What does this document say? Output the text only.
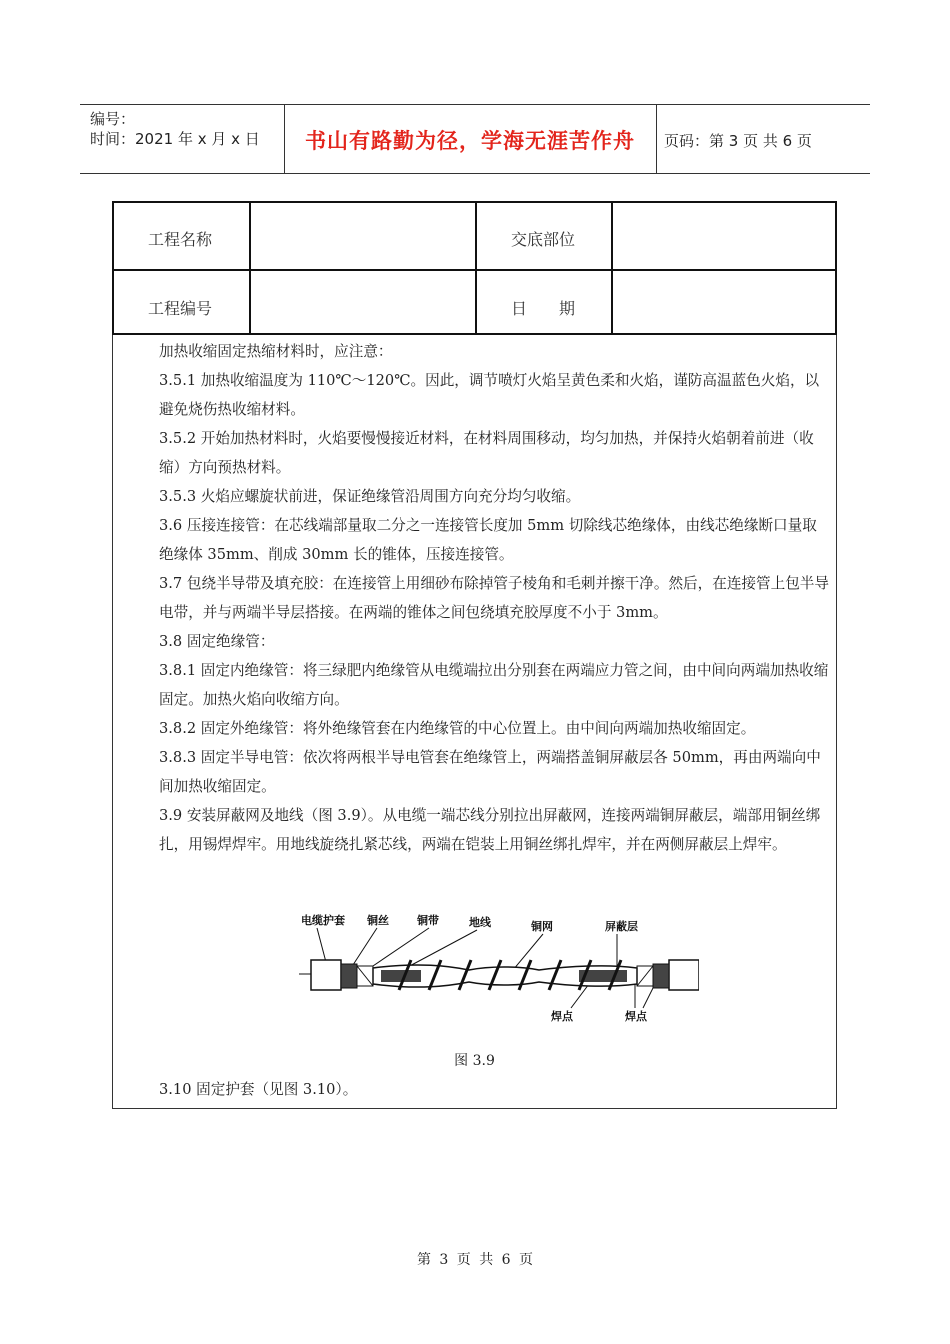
编号：
时间：2021 年 x 月 x 日	书山有路勤为径，学海无涯苦作舟	页码：第 3 页 共 6 页
工程名称	交底部位
工程编号	日　　期

加热收缩固定热缩材料时，应注意：

3.5.1 加热收缩温度为 110℃～120℃。因此，调节喷灯火焰呈黄色柔和火焰，谨防高温蓝色火焰，以避免烧伤热收缩材料。

3.5.2 开始加热材料时，火焰要慢慢接近材料，在材料周围移动，均匀加热，并保持火焰朝着前进（收缩）方向预热材料。

3.5.3 火焰应螺旋状前进，保证绝缘管沿周围方向充分均匀收缩。

3.6 压接连接管：在芯线端部量取二分之一连接管长度加 5mm 切除线芯绝缘体，由线芯绝缘断口量取绝缘体 35mm、削成 30mm 长的锥体，压接连接管。

3.7 包绕半导带及填充胶：在连接管上用细砂布除掉管子棱角和毛刺并擦干净。然后，在连接管上包半导电带，并与两端半导层搭接。在两端的锥体之间包绕填充胶厚度不小于 3mm。

3.8 固定绝缘管：

3.8.1 固定内绝缘管：将三绿肥内绝缘管从电缆端拉出分别套在两端应力管之间，由中间向两端加热收缩固定。加热火焰向收缩方向。

3.8.2 固定外绝缘管：将外绝缘管套在内绝缘管的中心位置上。由中间向两端加热收缩固定。

3.8.3 固定半导电管：依次将两根半导电管套在绝缘管上，两端搭盖铜屏蔽层各 50mm，再由两端向中间加热收缩固定。

3.9 安装屏蔽网及地线（图 3.9）。从电缆一端芯线分别拉出屏蔽网，连接两端铜屏蔽层，端部用铜丝绑扎，用锡焊焊牢。用地线旋绕扎紧芯线，两端在铠装上用铜丝绑扎焊牢，并在两侧屏蔽层上焊牢。

电缆护套 铜丝	铜带	地线	铜网	屏蔽层
焊点	焊点
图 3.9

3.10 固定护套（见图 3.10）。

第 3 页 共 6 页
